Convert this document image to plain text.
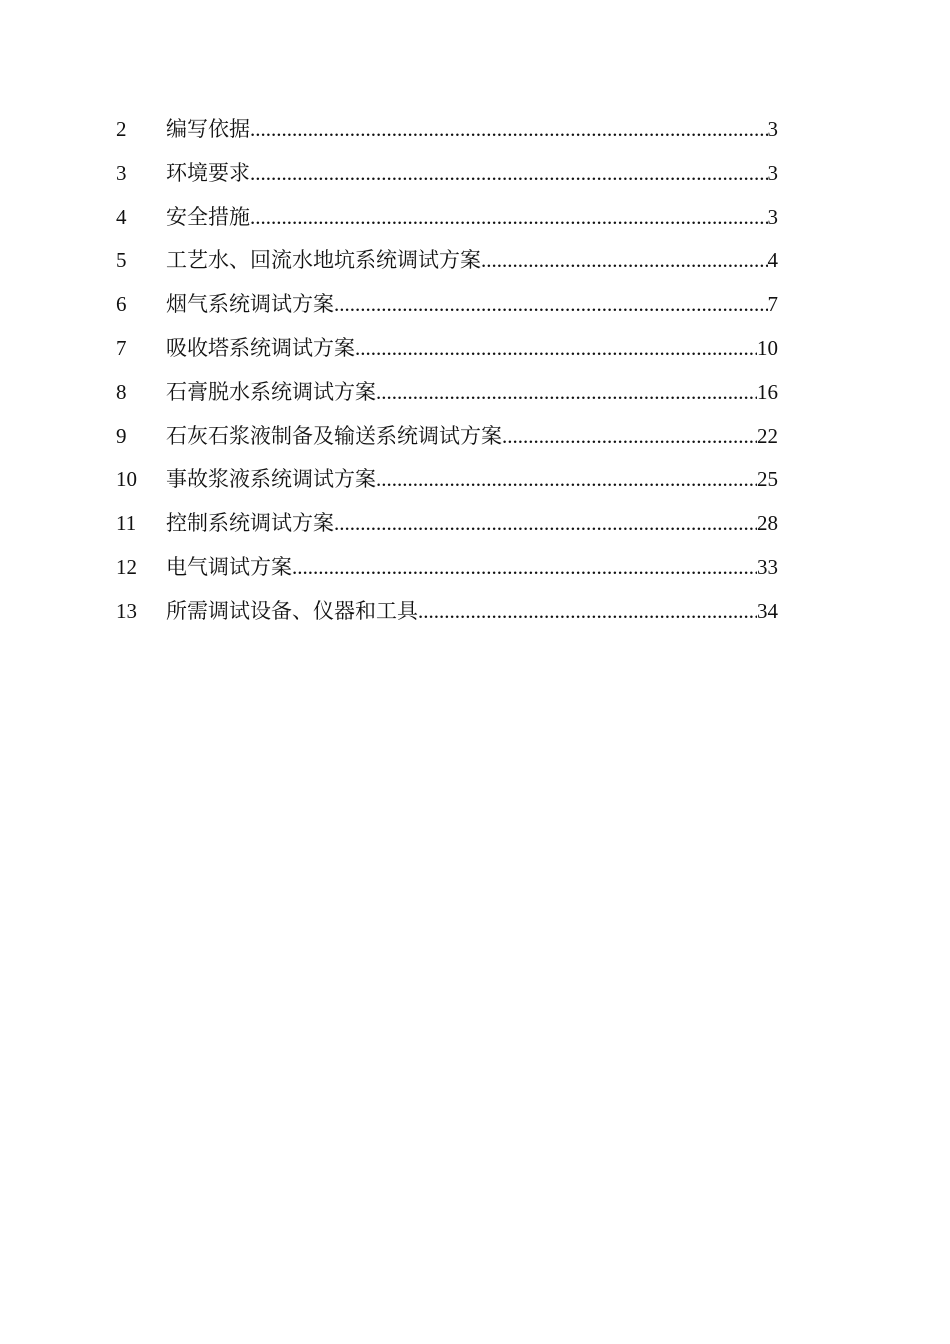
2	编写依据 .....	3
3	环境要求 .....	3
4	安全措施 .....	3
5	工艺水、回流水地坑系统调试方案 .....	4
6	烟气系统调试方案 .....	7
7	吸收塔系统调试方案 .....	10
8	石膏脱水系统调试方案 .....	16
9	石灰石浆液制备及输送系统调试方案 .....	22
10	事故浆液系统调试方案 .....	25
11	控制系统调试方案 .....	28
12	电气调试方案 .....	33
13	所需调试设备、仪器和工具 .....	34
